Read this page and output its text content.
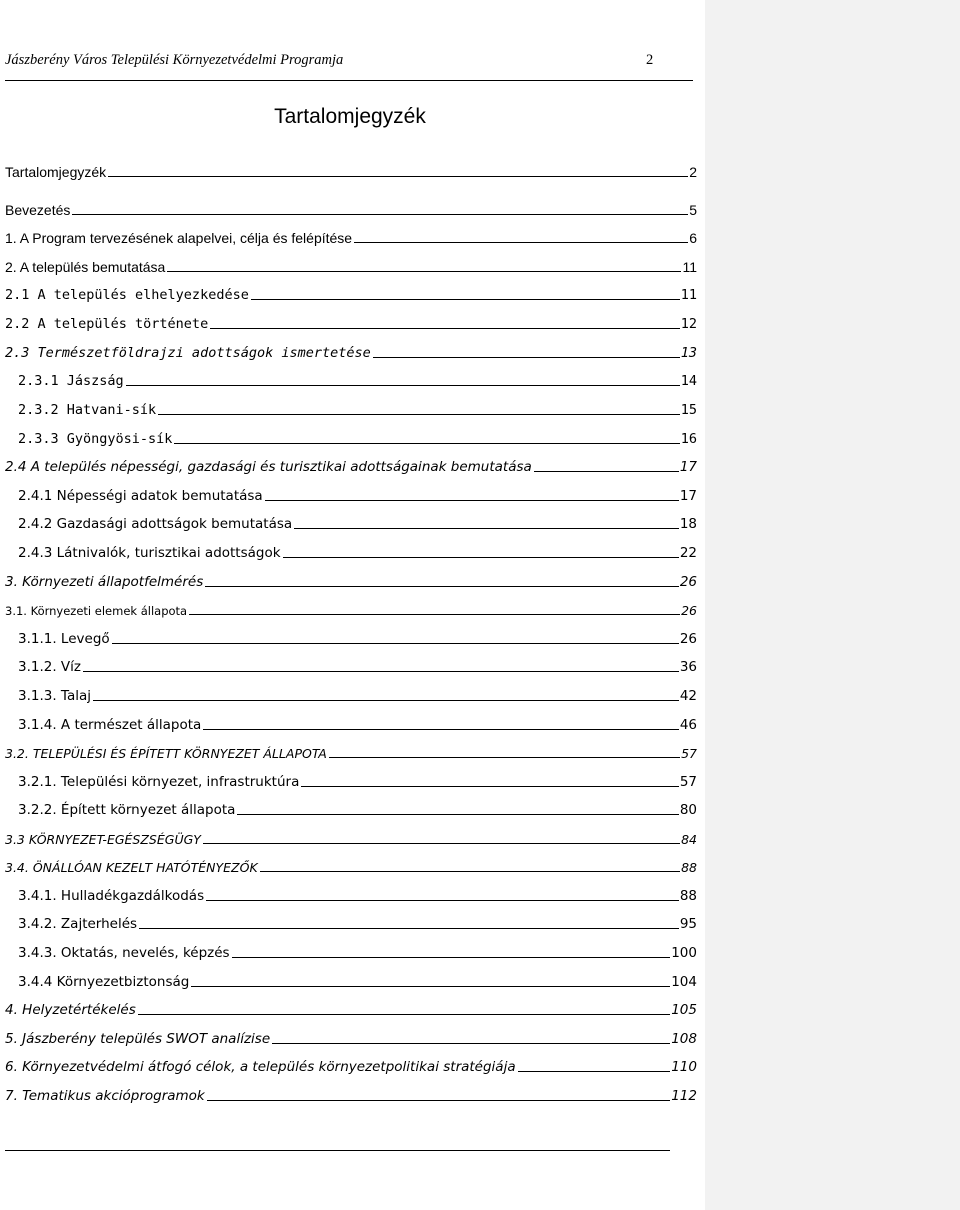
Jászberény Város Települési Környezetvédelmi Programja	2
Tartalomjegyzék
Tartalomjegyzék	2
Bevezetés	5
1. A Program tervezésének alapelvei, célja és felépítése	6
2. A település bemutatása	11
2.1 A település elhelyezkedése	11
2.2 A település története	12
2.3 Természetföldrajzi adottságok ismertetése	13
2.3.1 Jászság	14
2.3.2 Hatvani-sík	15
2.3.3 Gyöngyösi-sík	16
2.4 A település népességi, gazdasági és turisztikai adottságainak bemutatása	17
2.4.1 Népességi adatok bemutatása	17
2.4.2 Gazdasági adottságok bemutatása	18
2.4.3 Látnivalók, turisztikai adottságok	22
3. Környezeti állapotfelmérés	26
3.1. Környezeti elemek állapota	26
3.1.1. Levegő	26
3.1.2. Víz	36
3.1.3. Talaj	42
3.1.4. A természet állapota	46
3.2. TELEPÜLÉSI ÉS ÉPÍTETT KÖRNYEZET ÁLLAPOTA	57
3.2.1. Települési környezet, infrastruktúra	57
3.2.2. Épített környezet állapota	80
3.3 KÖRNYEZET-EGÉSZSÉGÜGY	84
3.4. ÖNÁLLÓAN KEZELT HATÓTÉNYEZŐK	88
3.4.1. Hulladékgazdálkodás	88
3.4.2. Zajterhelés	95
3.4.3. Oktatás, nevelés, képzés	100
3.4.4 Környezetbiztonság	104
4. Helyzetértékelés	105
5. Jászberény település SWOT analízise	108
6. Környezetvédelmi átfogó célok, a település környezetpolitikai stratégiája	110
7. Tematikus akcióprogramok	112
